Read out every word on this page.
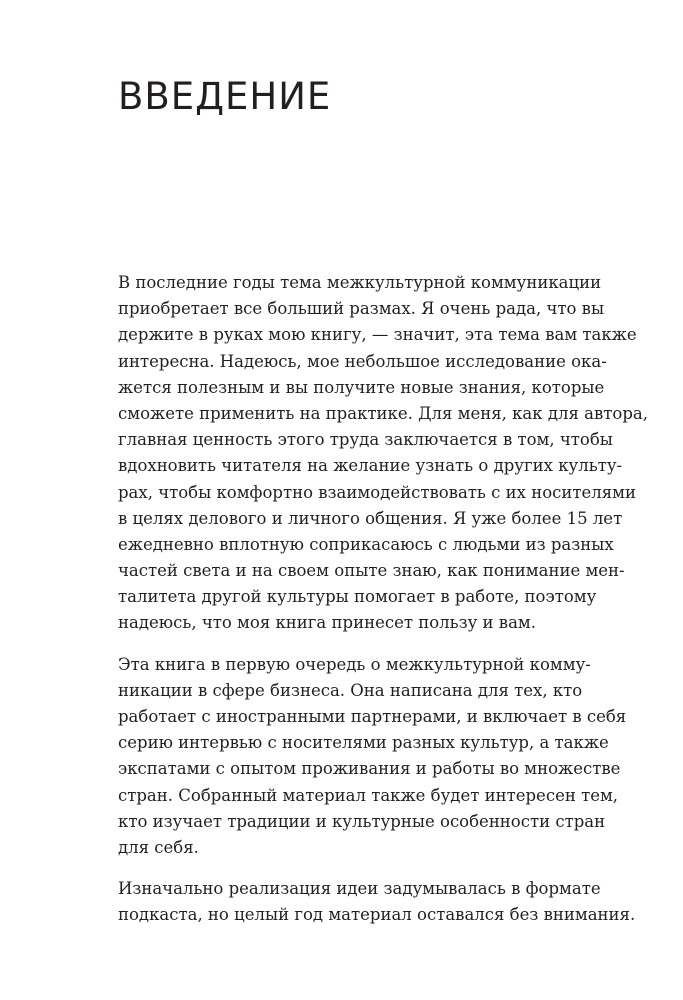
ВВЕДЕНИЕ
В последние годы тема межкультурной коммуникации
приобретает все больший размах. Я очень рада, что вы
держите в руках мою книгу, — значит, эта тема вам также
интересна. Надеюсь, мое небольшое исследование ока-
жется полезным и вы получите новые знания, которые
сможете применить на практике. Для меня, как для автора,
главная ценность этого труда заключается в том, чтобы
вдохновить читателя на желание узнать о других культу-
рах, чтобы комфортно взаимодействовать с их носителями
в целях делового и личного общения. Я уже более 15 лет
ежедневно вплотную соприкасаюсь с людьми из разных
частей света и на своем опыте знаю, как понимание мен-
талитета другой культуры помогает в работе, поэтому
надеюсь, что моя книга принесет пользу и вам.
Эта книга в первую очередь о межкультурной комму-
никации в сфере бизнеса. Она написана для тех, кто
работает с иностранными партнерами, и включает в себя
серию интервью с носителями разных культур, а также
экспатами с опытом проживания и работы во множестве
стран. Собранный материал также будет интересен тем,
кто изучает традиции и культурные особенности стран
для себя.
Изначально реализация идеи задумывалась в формате
подкаста, но целый год материал оставался без внимания.
